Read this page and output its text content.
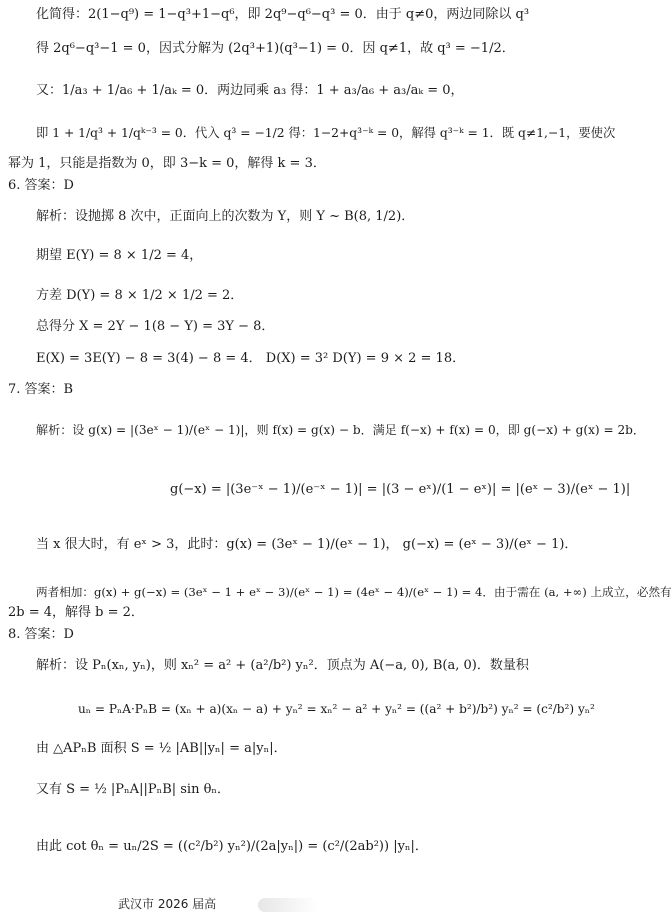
化简得：2(1−q⁹) = 1−q³+1−q⁶，即 2q⁹−q⁶−q³ = 0．由于 q≠0，两边同除以 q³
得 2q⁶−q³−1 = 0，因式分解为 (2q³+1)(q³−1) = 0．因 q≠1，故 q³ = −1/2．
又：1/a₃ + 1/a₆ + 1/aₖ = 0．两边同乘 a₃ 得：1 + a₃/a₆ + a₃/aₖ = 0，
即 1 + 1/q³ + 1/qᵏ⁻³ = 0．代入 q³ = −1/2 得：1−2+q³⁻ᵏ = 0，解得 q³⁻ᵏ = 1．既 q≠1,−1，要使次
幂为 1，只能是指数为 0，即 3−k = 0，解得 k = 3．
6. 答案：D
解析：设抛掷 8 次中，正面向上的次数为 Y，则 Y ~ B(8, 1/2)．
期望 E(Y) = 8 × 1/2 = 4，
方差 D(Y) = 8 × 1/2 × 1/2 = 2．
总得分 X = 2Y − 1(8 − Y) = 3Y − 8．
E(X) = 3E(Y) − 8 = 3(4) − 8 = 4． D(X) = 3² D(Y) = 9 × 2 = 18．
7. 答案：B
解析：设 g(x) = |(3eˣ − 1)/(eˣ − 1)|，则 f(x) = g(x) − b．满足 f(−x) + f(x) = 0，即 g(−x) + g(x) = 2b．
g(−x) = |(3e⁻ˣ − 1)/(e⁻ˣ − 1)| = |(3 − eˣ)/(1 − eˣ)| = |(eˣ − 3)/(eˣ − 1)|
当 x 很大时，有 eˣ > 3，此时：g(x) = (3eˣ − 1)/(eˣ − 1)， g(−x) = (eˣ − 3)/(eˣ − 1)．
两者相加：g(x) + g(−x) = (3eˣ − 1 + eˣ − 3)/(eˣ − 1) = (4eˣ − 4)/(eˣ − 1) = 4．由于需在 (a, +∞) 上成立，必然有
2b = 4，解得 b = 2．
8. 答案：D
解析：设 Pₙ(xₙ, yₙ)，则 xₙ² = a² + (a²/b²) yₙ²．顶点为 A(−a, 0), B(a, 0)．数量积
uₙ = PₙA·PₙB = (xₙ + a)(xₙ − a) + yₙ² = xₙ² − a² + yₙ² = ((a² + b²)/b²) yₙ² = (c²/b²) yₙ²
由 △APₙB 面积 S = ½ |AB||yₙ| = a|yₙ|．
又有 S = ½ |PₙA||PₙB| sin θₙ．
由此 cot θₙ = uₙ/2S = ((c²/b²) yₙ²)/(2a|yₙ|) = (c²/(2ab²)) |yₙ|．
武汉市 2026 届高
